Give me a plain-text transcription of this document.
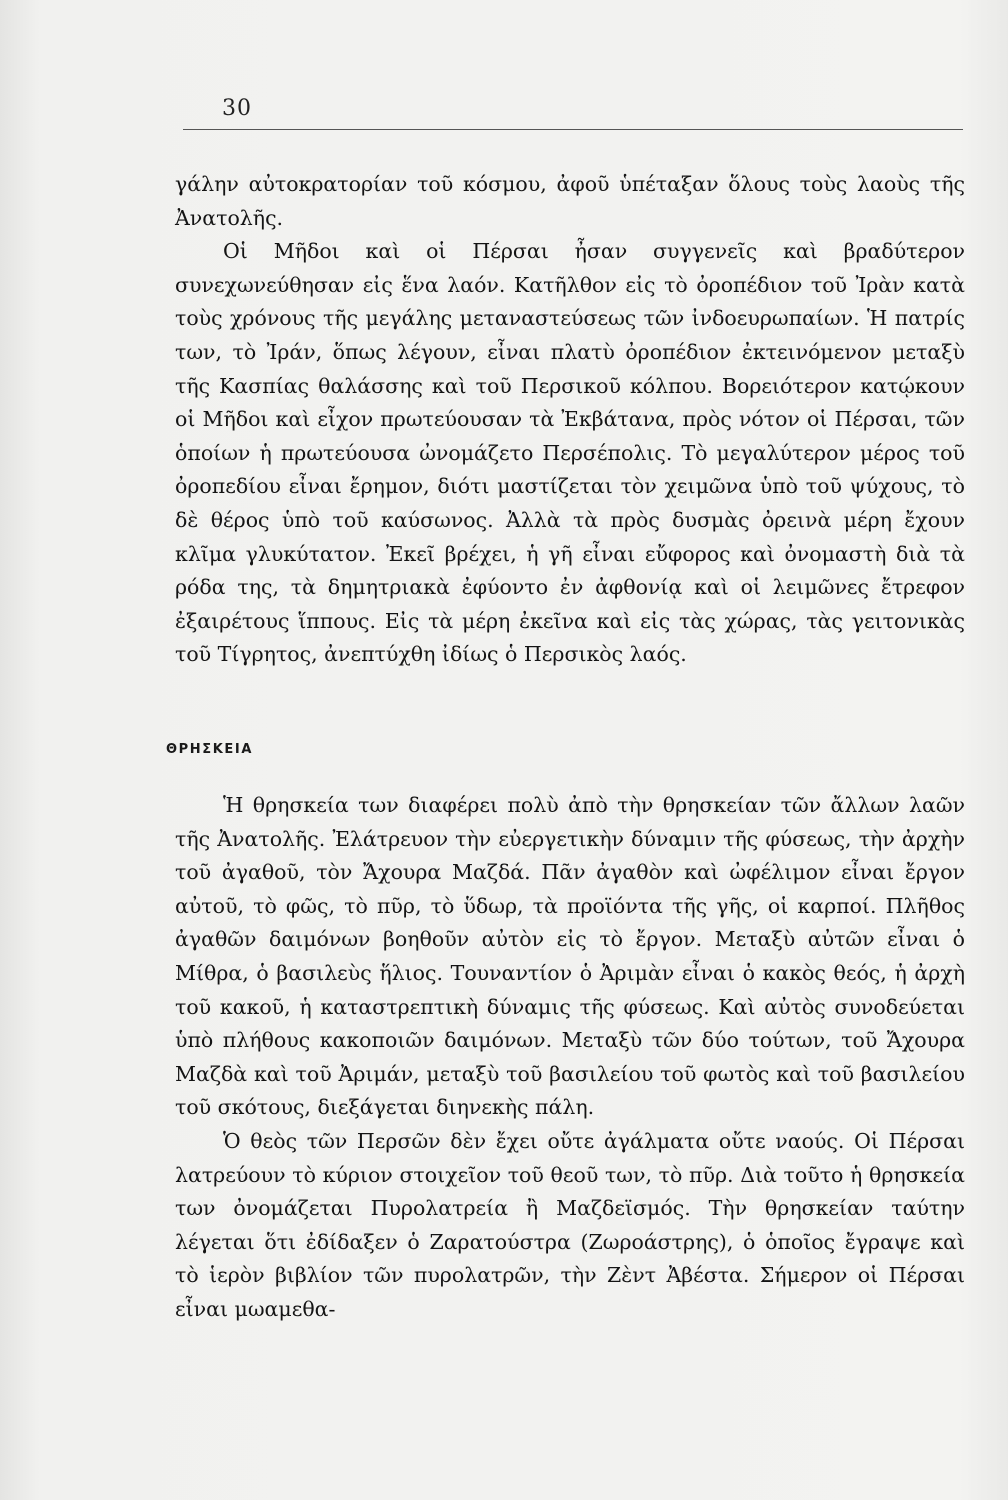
30

γάλην αὐτοκρατορίαν τοῦ κόσμου, ἀφοῦ ὑπέταξαν ὅλους τοὺς λαοὺς τῆς Ἀνατολῆς.

Οἱ Μῆδοι καὶ οἱ Πέρσαι ἦσαν συγγενεῖς καὶ βραδύτερον συνεχωνεύθησαν εἰς ἕνα λαόν. Κατῆλθον εἰς τὸ ὀροπέδιον τοῦ Ἰρὰν κατὰ τοὺς χρόνους τῆς μεγάλης μεταναστεύσεως τῶν ἰνδοευρωπαίων. Ἡ πατρίς των, τὸ Ἰράν, ὅπως λέγουν, εἶναι πλατὺ ὀροπέδιον ἐκτεινόμενον μεταξὺ τῆς Κασπίας θαλάσσης καὶ τοῦ Περσικοῦ κόλπου. Βορειότερον κατῴκουν οἱ Μῆδοι καὶ εἶχον πρωτεύουσαν τὰ Ἐκβάτανα, πρὸς νότον οἱ Πέρσαι, τῶν ὁποίων ἡ πρωτεύουσα ὠνομάζετο Περσέπολις. Τὸ μεγαλύτερον μέρος τοῦ ὀροπεδίου εἶναι ἔρημον, διότι μαστίζεται τὸν χειμῶνα ὑπὸ τοῦ ψύχους, τὸ δὲ θέρος ὑπὸ τοῦ καύσωνος. Ἀλλὰ τὰ πρὸς δυσμὰς ὀρεινὰ μέρη ἔχουν κλῖμα γλυκύτατον. Ἐκεῖ βρέχει, ἡ γῆ εἶναι εὔφορος καὶ ὀνομαστὴ διὰ τὰ ρόδα της, τὰ δημητριακὰ ἐφύοντο ἐν ἀφθονίᾳ καὶ οἱ λειμῶνες ἔτρεφον ἐξαιρέτους ἵππους. Εἰς τὰ μέρη ἐκεῖνα καὶ εἰς τὰς χώρας, τὰς γειτονικὰς τοῦ Τίγρητος, ἀνεπτύχθη ἰδίως ὁ Περσικὸς λαός.

ΘΡΗΣΚΕΙΑ

Ἡ θρησκεία των διαφέρει πολὺ ἀπὸ τὴν θρησκείαν τῶν ἄλλων λαῶν τῆς Ἀνατολῆς. Ἐλάτρευον τὴν εὐεργετικὴν δύναμιν τῆς φύσεως, τὴν ἀρχὴν τοῦ ἀγαθοῦ, τὸν Ἄχουρα Μαζδά. Πᾶν ἀγαθὸν καὶ ὠφέλιμον εἶναι ἔργον αὐτοῦ, τὸ φῶς, τὸ πῦρ, τὸ ὕδωρ, τὰ προϊόντα τῆς γῆς, οἱ καρποί. Πλῆθος ἀγαθῶν δαιμόνων βοηθοῦν αὐτὸν εἰς τὸ ἔργον. Μεταξὺ αὐτῶν εἶναι ὁ Μίθρα, ὁ βασιλεὺς ἥλιος. Τουναντίον ὁ Ἀριμὰν εἶναι ὁ κακὸς θεός, ἡ ἀρχὴ τοῦ κακοῦ, ἡ καταστρεπτικὴ δύναμις τῆς φύσεως. Καὶ αὐτὸς συνοδεύεται ὑπὸ πλήθους κακοποιῶν δαιμόνων. Μεταξὺ τῶν δύο τούτων, τοῦ Ἄχουρα Μαζδὰ καὶ τοῦ Ἀριμάν, μεταξὺ τοῦ βασιλείου τοῦ φωτὸς καὶ τοῦ βασιλείου τοῦ σκότους, διεξάγεται διηνεκὴς πάλη.

Ὁ θεὸς τῶν Περσῶν δὲν ἔχει οὔτε ἀγάλματα οὔτε ναούς. Οἱ Πέρσαι λατρεύουν τὸ κύριον στοιχεῖον τοῦ θεοῦ των, τὸ πῦρ. Διὰ τοῦτο ἡ θρησκεία των ὀνομάζεται Πυρολατρεία ἢ Μαζδεϊσμός. Τὴν θρησκείαν ταύτην λέγεται ὅτι ἐδίδαξεν ὁ Ζαρατούστρα (Ζωροάστρης), ὁ ὁποῖος ἔγραψε καὶ τὸ ἱερὸν βιβλίον τῶν πυρολατρῶν, τὴν Ζὲντ Ἀβέστα. Σήμερον οἱ Πέρσαι εἶναι μωαμεθα-
